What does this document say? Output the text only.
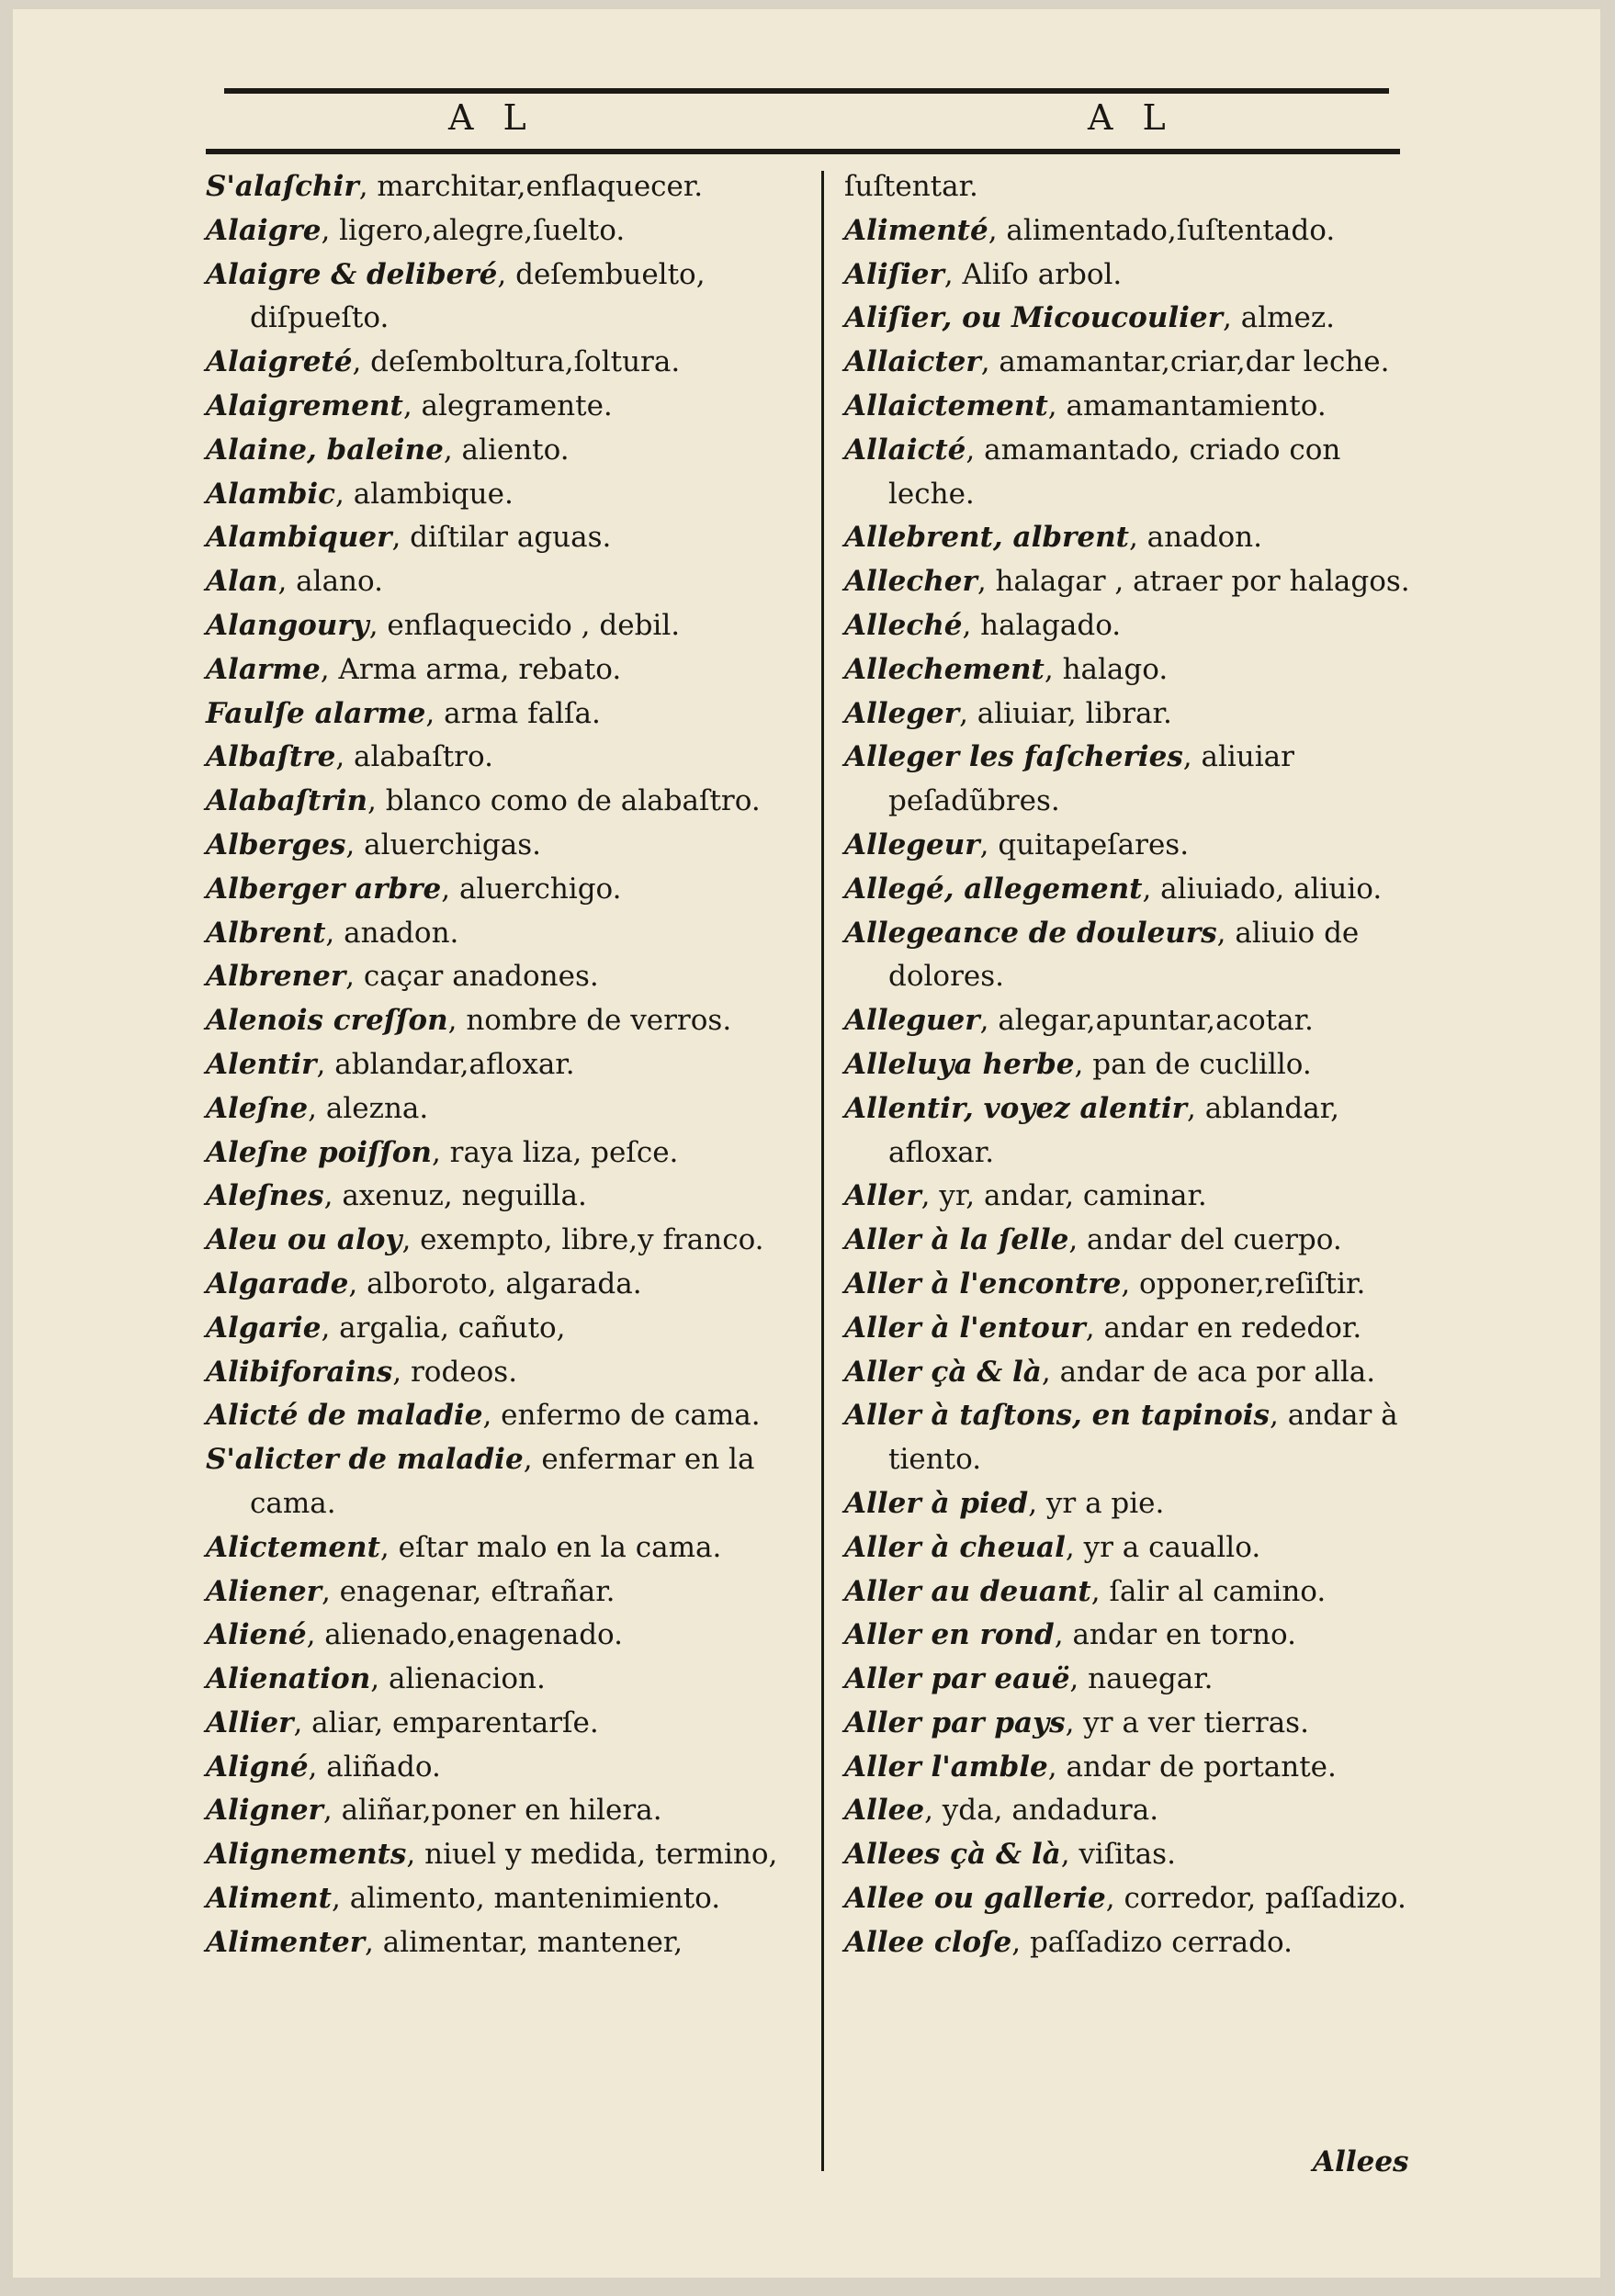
A L	A L
S'alaſchir, marchitar,enflaquecer.
Alaigre, ligero,alegre,ſuelto.
Alaigre & deliberé, deſembuelto, diſpueſto.
Alaigreté, deſemboltura,ſoltura.
Alaigrement, alegramente.
Alaine, baleine, aliento.
Alambic, alambique.
Alambiquer, diſtilar aguas.
Alan, alano.
Alangoury, enflaquecido , debil.
Alarme, Arma arma, rebato.
Faulſe alarme, arma falſa.
Albaſtre, alabaſtro.
Alabaſtrin, blanco como de alabaſtro.
Alberges, aluerchigas.
Alberger arbre, aluerchigo.
Albrent, anadon.
Albrener, caçar anadones.
Alenois creſſon, nombre de verros.
Alentir, ablandar,afloxar.
Aleſne, alezna.
Aleſne poiſſon, raya liza, peſce.
Aleſnes, axenuz, neguilla.
Aleu ou aloy, exempto, libre,y franco.
Algarade, alboroto, algarada.
Algarie, argalia, cañuto,
Alibiforains, rodeos.
Aliсté de maladie, enfermo de cama.
S'aliсter de maladie, enfermar en la cama.
Aliсtement, eſtar malo en la cama.
Aliener, enagenar, eſtrañar.
Aliené, alienado,enagenado.
Alienation, alienacion.
Allier, aliar, emparentarſe.
Aligné, aliñado.
Aligner, aliñar,poner en hilera.
Alignements, niuel y medida, termino,
Aliment, alimento, mantenimiento.
Alimenter, alimentar, mantener,
ſuſtentar.
Alimenté, alimentado,ſuſtentado.
Aliſier, Aliſo arbol.
Aliſier, ou Micoucoulier, almez.
Allaiсter, amamantar,criar,dar leche.
Allaiсtement, amamantamiento.
Allaiсté, amamantado, criado con leche.
Allebrent, albrent, anadon.
Allecher, halagar , atraer por halagos.
Alleché, halagado.
Allechement, halago.
Alleger, aliuiar, librar.
Alleger les faſcheries, aliuiar peſadũbres.
Allegeur, quitapeſares.
Allegé, allegement, aliuiado, aliuio.
Allegeance de douleurs, aliuio de dolores.
Alleguer, alegar,apuntar,acotar.
Alleluya herbe, pan de cuclillo.
Allentir, voyez alentir, ablandar, afloxar.
Aller, yr, andar, caminar.
Aller à la ſelle, andar del cuerpo.
Aller à l'encontre, opponer,reſiſtir.
Aller à l'entour, andar en rededor.
Aller çà & là, andar de aca por alla.
Aller à taſtons, en tapinois, andar à tiento.
Aller à pied, yr a pie.
Aller à cheual, yr a cauallo.
Aller au deuant, ſalir al camino.
Aller en rond, andar en torno.
Aller par eauë, nauegar.
Aller par pays, yr a ver tierras.
Aller l'amble, andar de portante.
Allee, yda, andadura.
Allees çà & là, viſitas.
Allee ou gallerie, corredor, paſſadizo.
Allee cloſe, paſſadizo cerrado.
Allees
